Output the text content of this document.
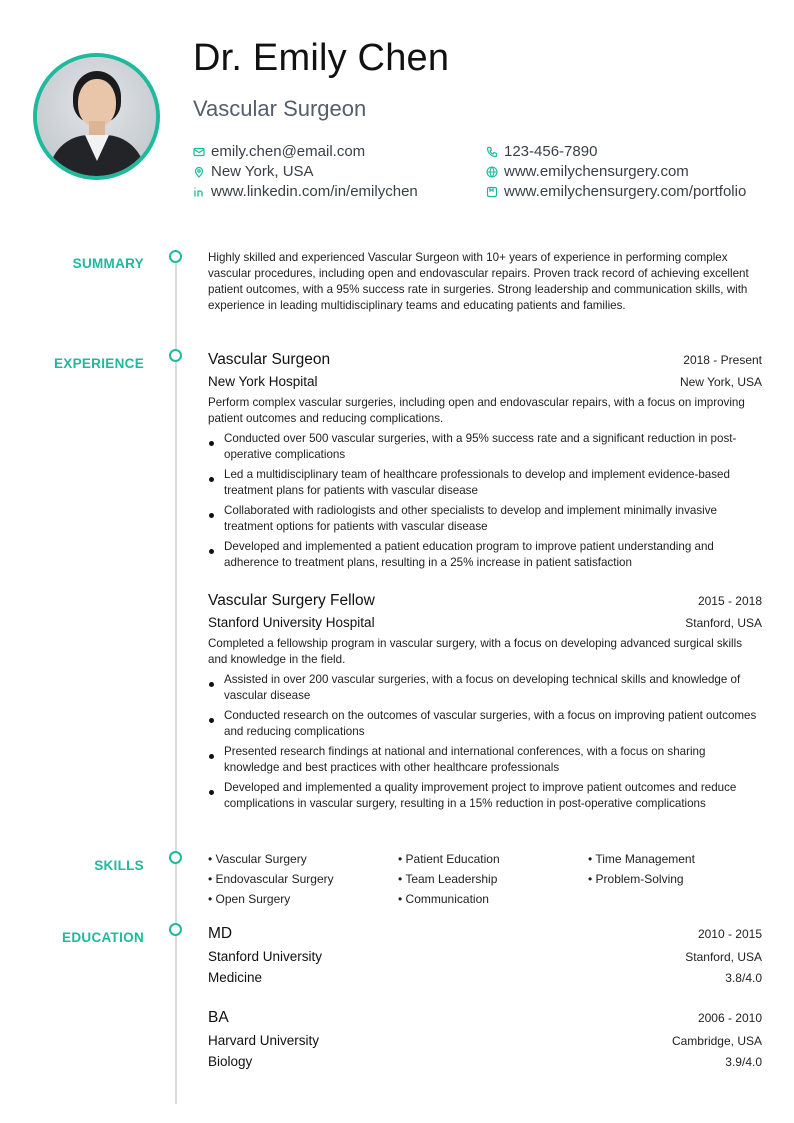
Dr. Emily Chen
Vascular Surgeon
emily.chen@email.com	123-456-7890
New York, USA	www.emilychensurgery.com
www.linkedin.com/in/emilychen	www.emilychensurgery.com/portfolio
SUMMARY	Highly skilled and experienced Vascular Surgeon with 10+ years of experience in performing complex vascular procedures, including open and endovascular repairs. Proven track record of achieving excellent patient outcomes, with a 95% success rate in surgeries. Strong leadership and communication skills, with experience in leading multidisciplinary teams and educating patients and families.

EXPERIENCE	Vascular Surgeon	2018 - Present
New York Hospital	New York, USA

Perform complex vascular surgeries, including open and endovascular repairs, with a focus on improving patient outcomes and reducing complications.

Conducted over 500 vascular surgeries, with a 95% success rate and a significant reduction in post-operative complications
Led a multidisciplinary team of healthcare professionals to develop and implement evidence-based treatment plans for patients with vascular disease
Collaborated with radiologists and other specialists to develop and implement minimally invasive treatment options for patients with vascular disease
Developed and implemented a patient education program to improve patient understanding and adherence to treatment plans, resulting in a 25% increase in patient satisfaction
Vascular Surgery Fellow	2015 - 2018
Stanford University Hospital	Stanford, USA

Completed a fellowship program in vascular surgery, with a focus on developing advanced surgical skills and knowledge in the field.

Assisted in over 200 vascular surgeries, with a focus on developing technical skills and knowledge of vascular disease
Conducted research on the outcomes of vascular surgeries, with a focus on improving patient outcomes and reducing complications
Presented research findings at national and international conferences, with a focus on sharing knowledge and best practices with other healthcare professionals
Developed and implemented a quality improvement project to improve patient outcomes and reduce complications in vascular surgery, resulting in a 15% reduction in post-operative complications
SKILLS	• Vascular Surgery	• Patient Education	• Time Management
• Endovascular Surgery	• Team Leadership	• Problem-Solving
• Open Surgery	• Communication
EDUCATION	MD	2010 - 2015
Stanford University	Stanford, USA
Medicine	3.8/4.0
BA	2006 - 2010
Harvard University	Cambridge, USA
Biology	3.9/4.0
